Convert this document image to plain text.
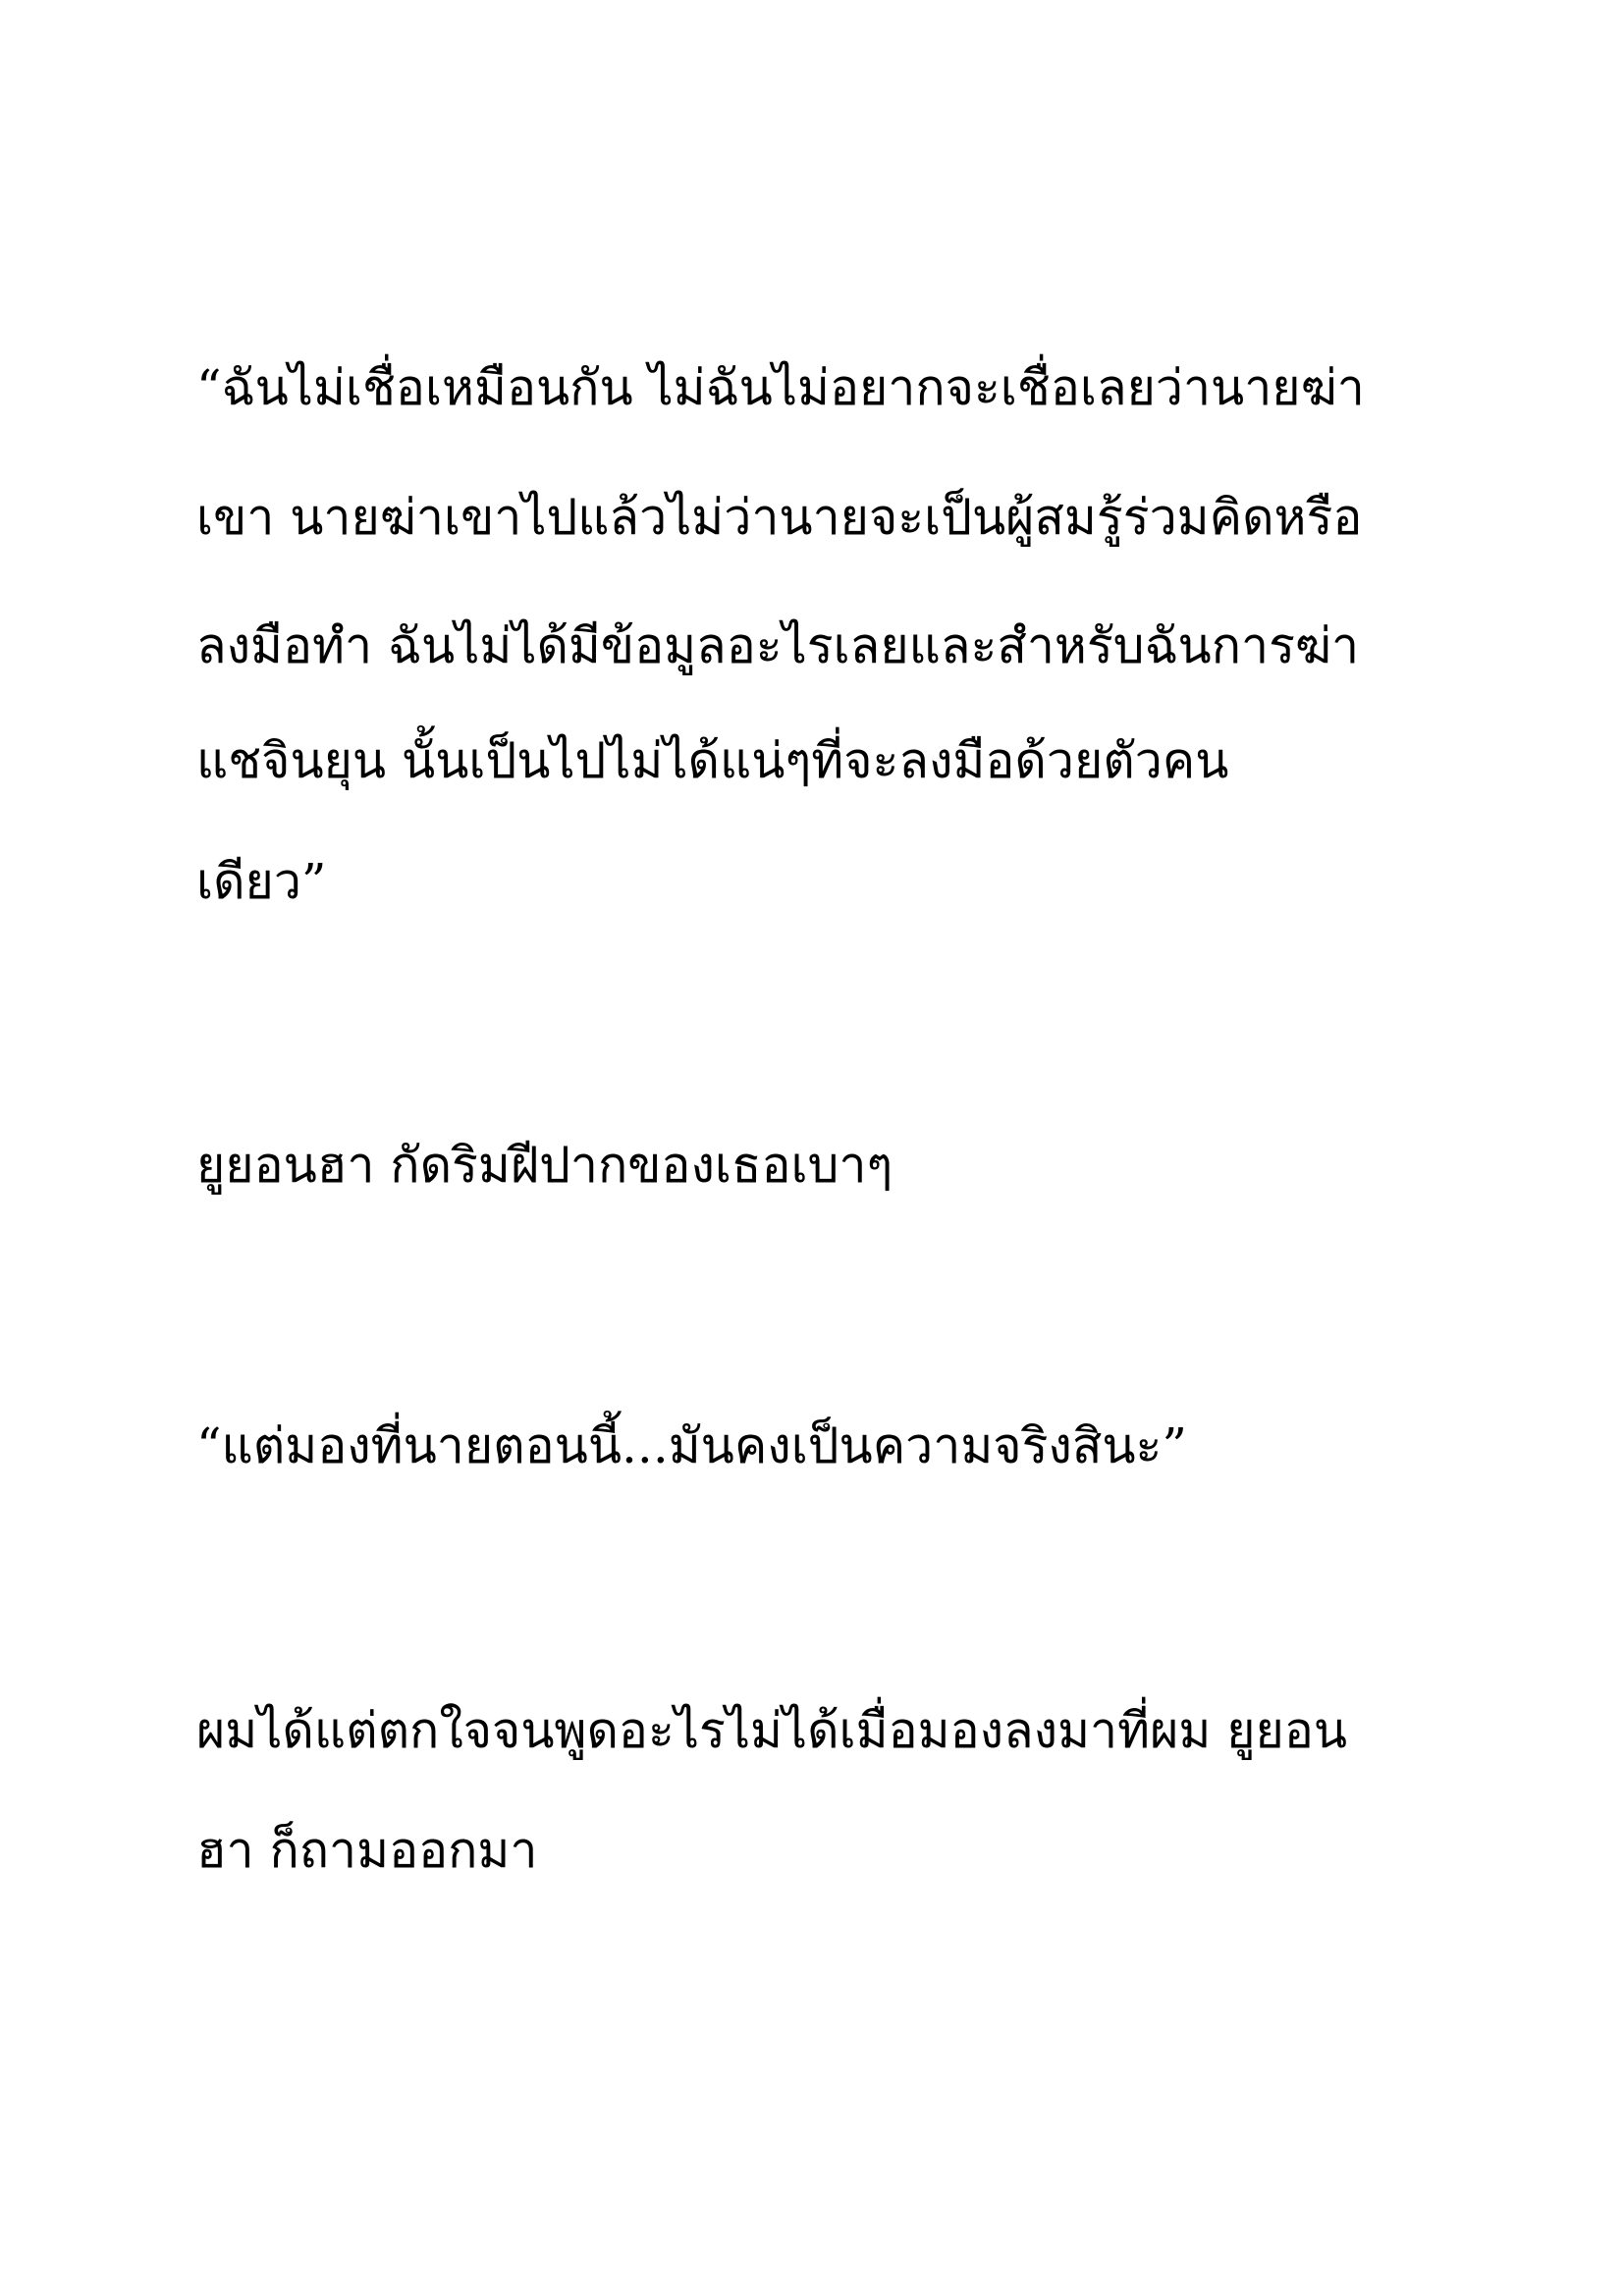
“ฉันไม่เชื่อเหมือนกัน ไม่ฉันไม่อยากจะเชื่อเลยว่านายฆ่า

เขา นายฆ่าเขาไปแล้วไม่ว่านายจะเป็นผู้สมรู้ร่วมคิดหรือ

ลงมือทำ ฉันไม่ได้มีข้อมูลอะไรเลยและสำหรับฉันการฆ่า

แชจินยุน นั้นเป็นไปไม่ได้แน่ๆที่จะลงมือด้วยตัวคน

เดียว”

ยูยอนฮา กัดริมฝีปากของเธอเบาๆ

“แต่มองที่นายตอนนี้...มันคงเป็นความจริงสินะ”

ผมได้แต่ตกใจจนพูดอะไรไม่ได้เมื่อมองลงมาที่ผม ยูยอน

ฮา ก็ถามออกมา
